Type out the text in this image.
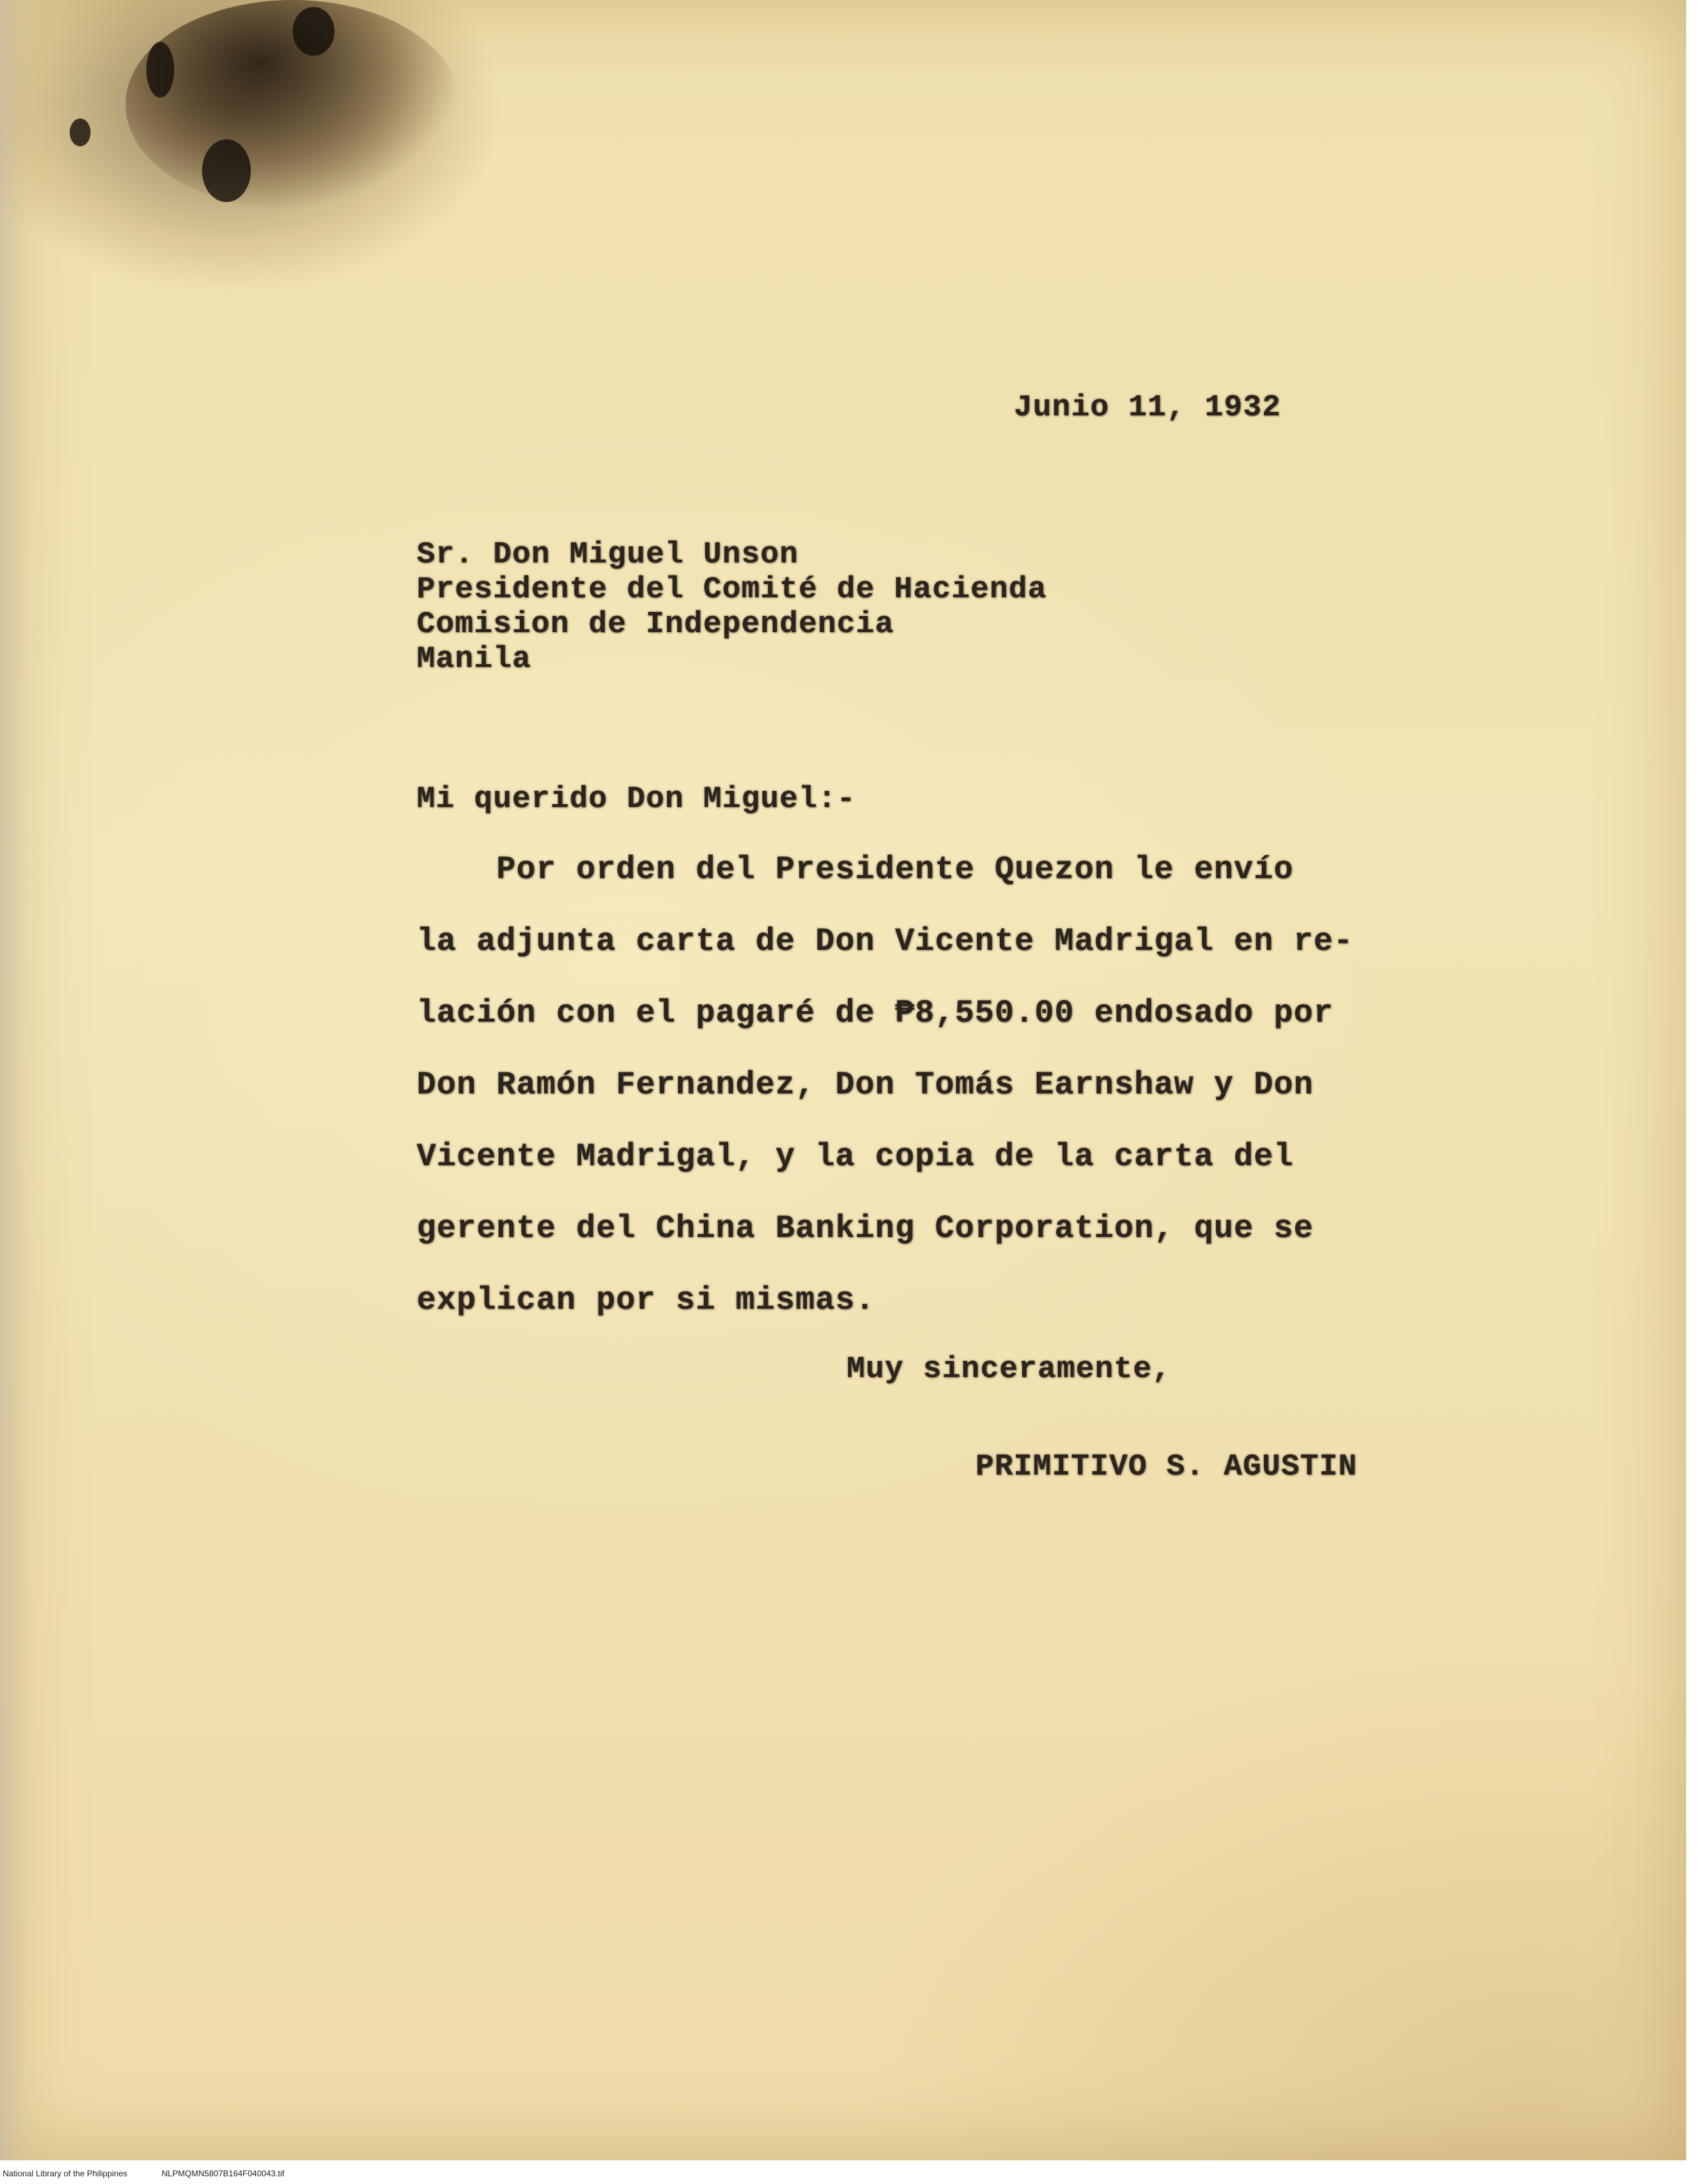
Junio 11, 1932
Sr. Don Miguel Unson
Presidente del Comité de Hacienda
Comision de Independencia
Manila
Mi querido Don Miguel:-
Por orden del Presidente Quezon le envío
la adjunta carta de Don Vicente Madrigal en re-
lación con el pagaré de ₱8,550.00 endosado por
Don Ramón Fernandez, Don Tomás Earnshaw y Don
Vicente Madrigal, y la copia de la carta del
gerente del China Banking Corporation, que se
explican por si mismas.
Muy sinceramente,
PRIMITIVO S. AGUSTIN
National Library of the Philippines	NLPMQMN5807B164F040043.tif
